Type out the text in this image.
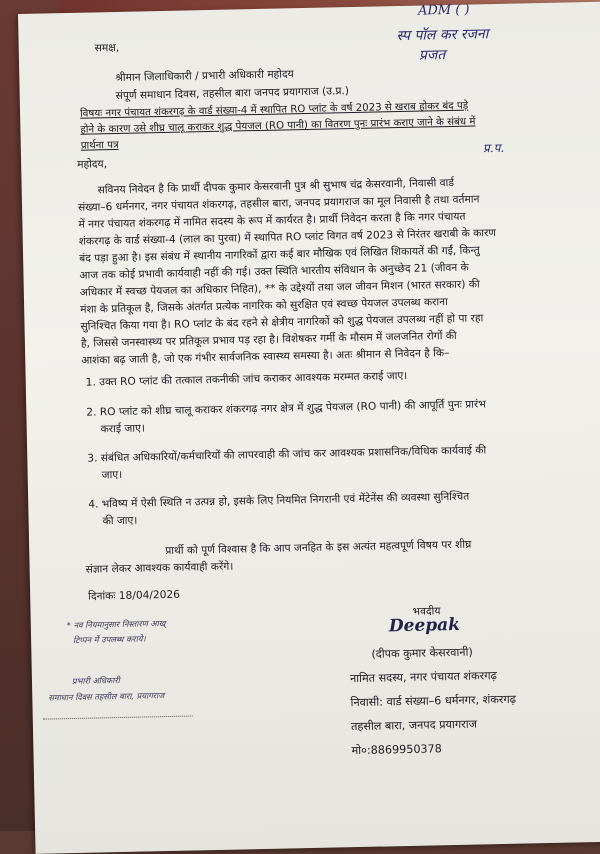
ADM ( )
स्प पॉल कर रजना
प्रजत
प्र.प.
समक्ष,
श्रीमान जिलाधिकारी / प्रभारी अधिकारी महोदय
संपूर्ण समाधान दिवस, तहसील बारा जनपद प्रयागराज (उ.प्र.)
विषयः नगर पंचायत शंकरगढ़ के वार्ड संख्या-4 में स्थापित RO प्लांट के वर्ष 2023 से खराब होकर बंद पड़े
होने के कारण उसे शीघ्र चालू कराकर शुद्ध पेयजल (RO पानी) का वितरण पुनः प्रारंभ कराए जाने के संबंध में
प्रार्थना पत्र
महोदय,
सविनय निवेदन है कि प्रार्थी दीपक कुमार केसरवानी पुत्र श्री सुभाष चंद्र केसरवानी, निवासी वार्ड
संख्या–6 धर्मनगर, नगर पंचायत शंकरगढ़, तहसील बारा, जनपद प्रयागराज का मूल निवासी है तथा वर्तमान
में नगर पंचायत शंकरगढ़ में नामित सदस्य के रूप में कार्यरत है। प्रार्थी निवेदन करता है कि नगर पंचायत
शंकरगढ़ के वार्ड संख्या-4 (लाल का पुरवा) में स्थापित RO प्लांट विगत वर्ष 2023 से निरंतर खराबी के कारण
बंद पड़ा हुआ है। इस संबंध में स्थानीय नागरिकों द्वारा कई बार मौखिक एवं लिखित शिकायतें की गईं, किन्तु
आज तक कोई प्रभावी कार्यवाही नहीं की गई। उक्त स्थिति भारतीय संविधान के अनुच्छेद 21 (जीवन के
अधिकार में स्वच्छ पेयजल का अधिकार निहित), ** के उद्देश्यों तथा जल जीवन मिशन (भारत सरकार) की
मंशा के प्रतिकूल है, जिसके अंतर्गत प्रत्येक नागरिक को सुरक्षित एवं स्वच्छ पेयजल उपलब्ध कराना
सुनिश्चित किया गया है। RO प्लांट के बंद रहने से क्षेत्रीय नागरिकों को शुद्ध पेयजल उपलब्ध नहीं हो पा रहा
है, जिससे जनस्वास्थ्य पर प्रतिकूल प्रभाव पड़ रहा है। विशेषकर गर्मी के मौसम में जलजनित रोगों की
आशंका बढ़ जाती है, जो एक गंभीर सार्वजनिक स्वास्थ्य समस्या है। अतः श्रीमान से निवेदन है कि–
1. उक्त RO प्लांट की तत्काल तकनीकी जांच कराकर आवश्यक मरम्मत कराई जाए।
2. RO प्लांट को शीघ्र चालू कराकर शंकरगढ़ नगर क्षेत्र में शुद्ध पेयजल (RO पानी) की आपूर्ति पुनः प्रारंभ
कराई जाए।
3. संबंधित अधिकारियों/कर्मचारियों की लापरवाही की जांच कर आवश्यक प्रशासनिक/विधिक कार्यवाई की
जाए।
4. भविष्य में ऐसी स्थिति न उत्पन्न हो, इसके लिए नियमित निगरानी एवं मेंटेनेंस की व्यवस्था सुनिश्चित
की जाए।
प्रार्थी को पूर्ण विश्वास है कि आप जनहित के इस अत्यंत महत्वपूर्ण विषय पर शीघ्र
संज्ञान लेकर आवश्यक कार्यवाही करेंगे।
दिनांकः 18/04/2026
भवदीय
Deepak
(दीपक कुमार केसरवानी)
नामित सदस्य, नगर पंचायत शंकरगढ़
निवासी: वार्ड संख्या–6 धर्मनगर, शंकरगढ़
तहसील बारा, जनपद प्रयागराज
मो०:8869950378
* नव नियमानुसार निस्तारण आख्
टिप्पन में उपलब्ध कराये।
प्रभारी अधिकारी
समाधान दिवस तहसील बारा, प्रयागराज
